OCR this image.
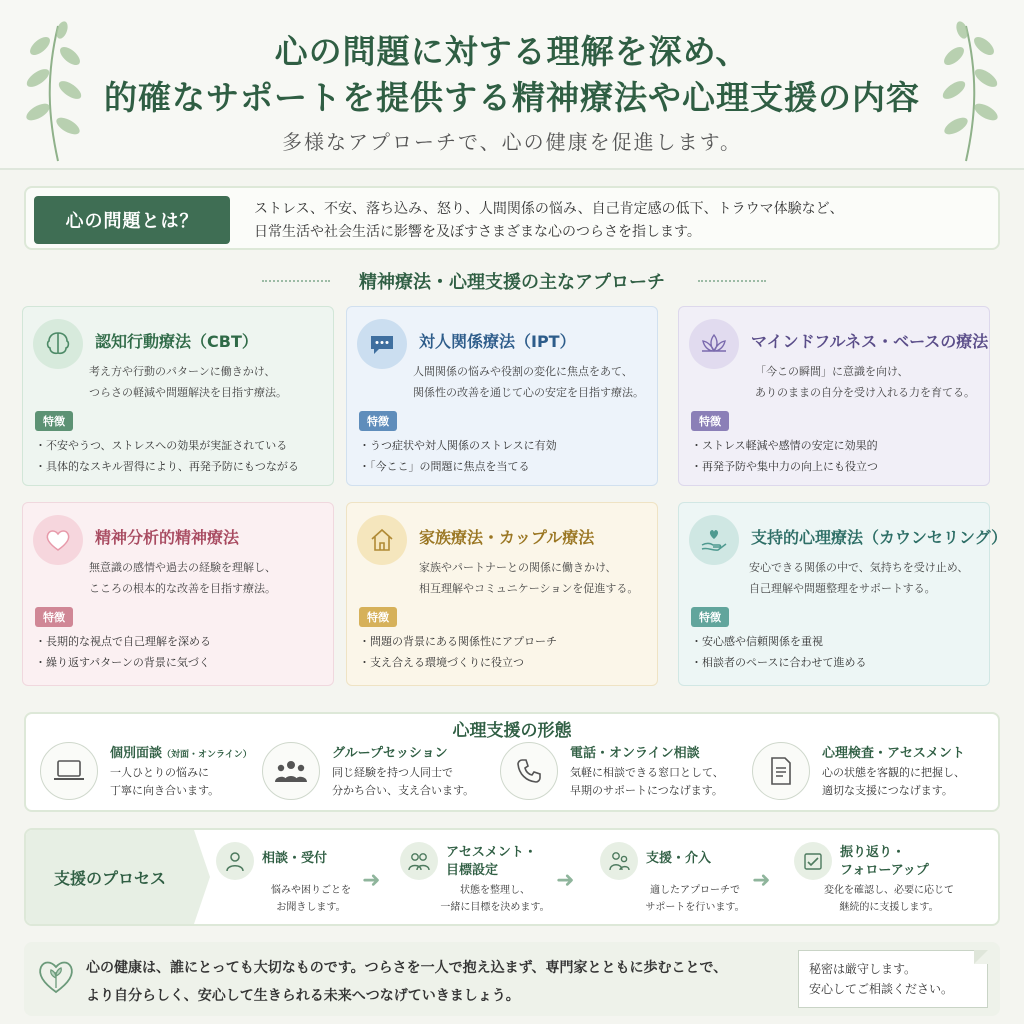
心の問題に対する理解を深め、
的確なサポートを提供する精神療法や心理支援の内容
多様なアプローチで、心の健康を促進します。
心の問題とは？
ストレス、不安、落ち込み、怒り、人間関係の悩み、自己肯定感の低下、トラウマ体験など、
日常生活や社会生活に影響を及ぼすさまざまな心のつらさを指します。
精神療法・心理支援の主なアプローチ
認知行動療法（CBT）
考え方や行動のパターンに働きかけ、
つらさの軽減や問題解決を目指す療法。
特徴
・不安やうつ、ストレスへの効果が実証されている
・具体的なスキル習得により、再発予防にもつながる
対人関係療法（IPT）
人間関係の悩みや役割の変化に焦点をあて、
関係性の改善を通じて心の安定を目指す療法。
特徴
・うつ症状や対人関係のストレスに有効
・「今ここ」の問題に焦点を当てる
マインドフルネス・ベースの療法
「今この瞬間」に意識を向け、
ありのままの自分を受け入れる力を育てる。
特徴
・ストレス軽減や感情の安定に効果的
・再発予防や集中力の向上にも役立つ
精神分析的精神療法
無意識の感情や過去の経験を理解し、
こころの根本的な改善を目指す療法。
特徴
・長期的な視点で自己理解を深める
・繰り返すパターンの背景に気づく
家族療法・カップル療法
家族やパートナーとの関係に働きかけ、
相互理解やコミュニケーションを促進する。
特徴
・問題の背景にある関係性にアプローチ
・支え合える環境づくりに役立つ
支持的心理療法（カウンセリング）
安心できる関係の中で、気持ちを受け止め、
自己理解や問題整理をサポートする。
特徴
・安心感や信頼関係を重視
・相談者のペースに合わせて進める
心理支援の形態
個別面談（対面・オンライン）
一人ひとりの悩みに
丁寧に向き合います。
グループセッション
同じ経験を持つ人同士で
分かち合い、支え合います。
電話・オンライン相談
気軽に相談できる窓口として、
早期のサポートにつなげます。
心理検査・アセスメント
心の状態を客観的に把握し、
適切な支援につなげます。
支援のプロセス
相談・受付
悩みや困りごとを
お聞きします。
➜
アセスメント・
目標設定
状態を整理し、
一緒に目標を決めます。
➜
支援・介入
適したアプローチで
サポートを行います。
➜
振り返り・
フォローアップ
変化を確認し、必要に応じて
継続的に支援します。
心の健康は、誰にとっても大切なものです。つらさを一人で抱え込まず、専門家とともに歩むことで、
より自分らしく、安心して生きられる未来へつなげていきましょう。
秘密は厳守します。
安心してご相談ください。
